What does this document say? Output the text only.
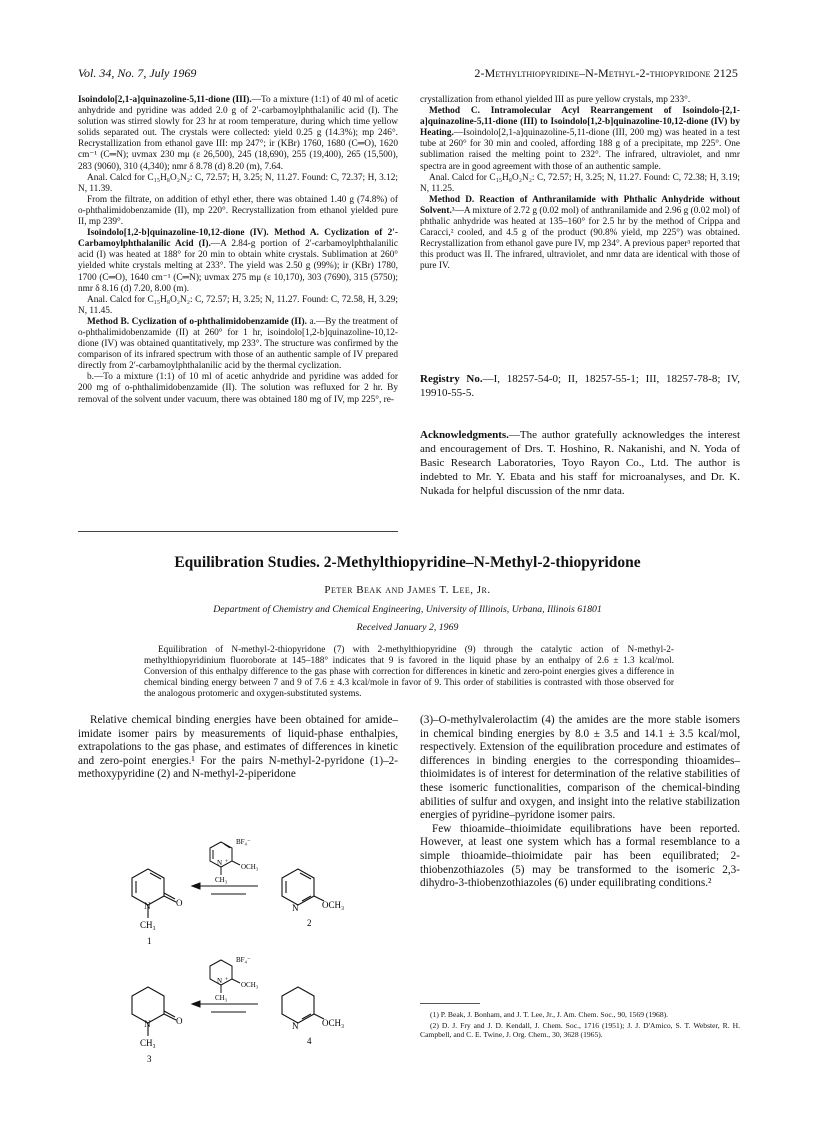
Vol. 34, No. 7, July 1969	2-Methylthiopyridine–N-Methyl-2-thiopyridone 2125

Isoindolo[2,1-a]quinazoline-5,11-dione (III).—To a mixture (1:1) of 40 ml of acetic anhydride and pyridine was added 2.0 g of 2′-carbamoylphthalanilic acid (I). The solution was stirred slowly for 23 hr at room temperature, during which time yellow solids separated out. The crystals were collected: yield 0.25 g (14.3%); mp 246°. Recrystallization from ethanol gave III: mp 247°; ir (KBr) 1760, 1680 (C═O), 1620 cm⁻¹ (C═N); uvmax 230 mμ (ε 26,500), 245 (18,690), 255 (19,400), 265 (15,500), 283 (9060), 310 (4,340); nmr δ 8.78 (d) 8.20 (m), 7.64.

Anal. Calcd for C₁₅H₈O₂N₂: C, 72.57; H, 3.25; N, 11.27. Found: C, 72.37; H, 3.12; N, 11.39.

From the filtrate, on addition of ethyl ether, there was obtained 1.40 g (74.8%) of o-phthalimidobenzamide (II), mp 220°. Recrystallization from ethanol yielded pure II, mp 239°.

Isoindolo[1,2-b]quinazoline-10,12-dione (IV). Method A. Cyclization of 2′-Carbamoylphthalanilic Acid (I).—A 2.84-g portion of 2′-carbamoylphthalanilic acid (I) was heated at 188° for 20 min to obtain white crystals. Sublimation at 260° yielded white crystals melting at 233°. The yield was 2.50 g (99%); ir (KBr) 1780, 1700 (C═O), 1640 cm⁻¹ (C═N); uvmax 275 mμ (ε 10,170), 303 (7690), 315 (5750); nmr δ 8.16 (d) 7.20, 8.00 (m).

Anal. Calcd for C₁₅H₈O₂N₂: C, 72.57; H, 3.25; N, 11.27. Found: C, 72.58, H, 3.29; N, 11.45.

Method B. Cyclization of o-phthalimidobenzamide (II). a.—By the treatment of o-phthalimidobenzamide (II) at 260° for 1 hr, isoindolo[1,2-b]quinazoline-10,12-dione (IV) was obtained quantitatively, mp 233°. The structure was confirmed by the comparison of its infrared spectrum with those of an authentic sample of IV prepared directly from 2′-carbamoylphthalanilic acid by the thermal cyclization.

b.—To a mixture (1:1) of 10 ml of acetic anhydride and pyridine was added for 200 mg of o-phthalimidobenzamide (II). The solution was refluxed for 2 hr. By removal of the solvent under vacuum, there was obtained 180 mg of IV, mp 225°, re-

crystallization from ethanol yielded III as pure yellow crystals, mp 233°.

Method C. Intramolecular Acyl Rearrangement of Isoindolo-[2,1-a]quinazoline-5,11-dione (III) to Isoindolo[1,2-b]quinazoline-10,12-dione (IV) by Heating.—Isoindolo[2,1-a]quinazoline-5,11-dione (III, 200 mg) was heated in a test tube at 260° for 30 min and cooled, affording 188 g of a precipitate, mp 225°. One sublimation raised the melting point to 232°. The infrared, ultraviolet, and nmr spectra are in good agreement with those of an authentic sample.

Anal. Calcd for C₁₅H₈O₂N₂: C, 72.57; H, 3.25; N, 11.27. Found: C, 72.38; H, 3.19; N, 11.25.

Method D. Reaction of Anthranilamide with Phthalic Anhydride without Solvent.³—A mixture of 2.72 g (0.02 mol) of anthranilamide and 2.96 g (0.02 mol) of phthalic anhydride was heated at 135–160° for 2.5 hr by the method of Crippa and Caracci,² cooled, and 4.5 g of the product (90.8% yield, mp 225°) was obtained. Recrystallization from ethanol gave pure IV, mp 234°. A previous paper³ reported that this product was II. The infrared, ultraviolet, and nmr data are identical with those of pure IV.

Registry No.—I, 18257-54-0; II, 18257-55-1; III, 18257-78-8; IV, 19910-55-5.
Acknowledgments.—The author gratefully acknowledges the interest and encouragement of Drs. T. Hoshino, R. Nakanishi, and N. Yoda of Basic Research Laboratories, Toyo Rayon Co., Ltd. The author is indebted to Mr. Y. Ebata and his staff for microanalyses, and Dr. K. Nukada for helpful discussion of the nmr data.
Equilibration Studies. 2-Methylthiopyridine–N-Methyl-2-thiopyridone
Peter Beak and James T. Lee, Jr.
Department of Chemistry and Chemical Engineering, University of Illinois, Urbana, Illinois 61801
Received January 2, 1969
Equilibration of N-methyl-2-thiopyridone (7) with 2-methylthiopyridine (9) through the catalytic action of N-methyl-2-methylthiopyridinium fluoroborate at 145–188° indicates that 9 is favored in the liquid phase by an enthalpy of 2.6 ± 1.3 kcal/mol. Conversion of this enthalpy difference to the gas phase with correction for differences in kinetic and zero-point energies gives a difference in chemical binding energy between 7 and 9 of 7.6 ± 4.3 kcal/mole in favor of 9. This order of stabilities is contrasted with those observed for the analogous protomeric and oxygen-substituted systems.

Relative chemical binding energies have been obtained for amide–imidate isomer pairs by measurements of liquid-phase enthalpies, extrapolations to the gas phase, and estimates of differences in kinetic and zero-point energies.¹ For the pairs N-methyl-2-pyridone (1)–2-methoxypyridine (2) and N-methyl-2-piperidone

N +
BF₄⁻
OCH₃
CH₃
N	O
CH₃
1
N	OCH₃
2
N +
BF₄⁻
OCH₃
CH₃
N	O
CH₃
3
N	OCH₃
4

(3)–O-methylvalerolactim (4) the amides are the more stable isomers in chemical binding energies by 8.0 ± 3.5 and 14.1 ± 3.5 kcal/mol, respectively. Extension of the equilibration procedure and estimates of differences in binding energies to the corresponding thioamides–thioimidates is of interest for determination of the relative stabilities of these isomeric functionalities, comparison of the chemical-binding abilities of sulfur and oxygen, and insight into the relative stabilization energies of pyridine–pyridone isomer pairs.

Few thioamide–thioimidate equilibrations have been reported. However, at least one system which has a formal resemblance to a simple thioamide–thioimidate pair has been equilibrated; 2-thiobenzothiazoles (5) may be transformed to the isomeric 2,3-dihydro-3-thiobenzothiazoles (6) under equilibrating conditions.²

(1) P. Beak, J. Bonham, and J. T. Lee, Jr., J. Am. Chem. Soc., 90, 1569 (1968).

(2) D. J. Fry and J. D. Kendall, J. Chem. Soc., 1716 (1951); J. J. D'Amico, S. T. Webster, R. H. Campbell, and C. E. Twine, J. Org. Chem., 30, 3628 (1965).
